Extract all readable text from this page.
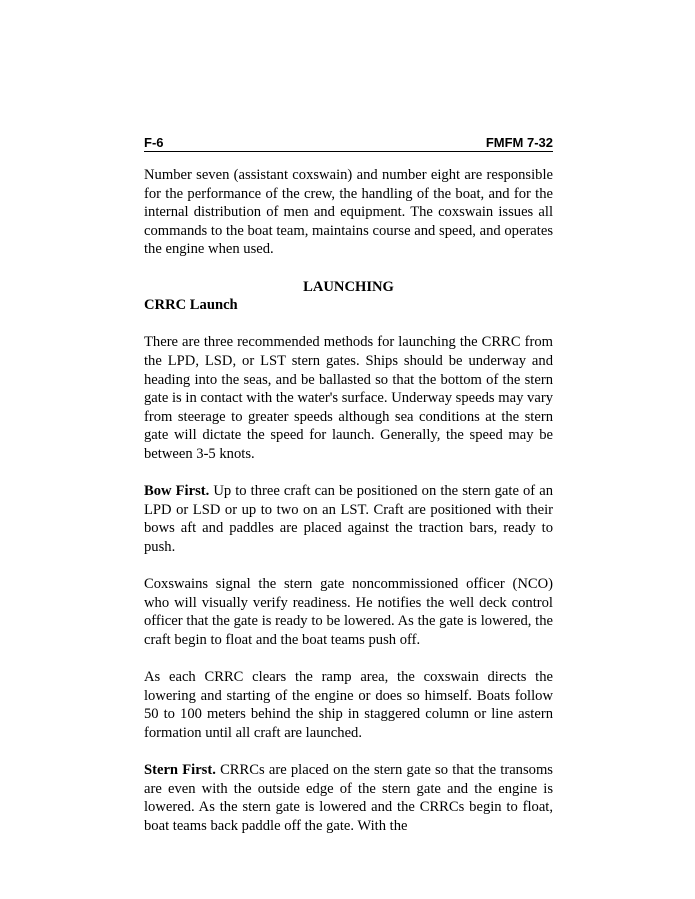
F-6	FMFM 7-32

Number seven (assistant coxswain) and number eight are responsible for the performance of the crew, the handling of the boat, and for the internal distribution of men and equipment. The coxswain issues all commands to the boat team, maintains course and speed, and operates the engine when used.

LAUNCHING
CRRC Launch

There are three recommended methods for launching the CRRC from the LPD, LSD, or LST stern gates. Ships should be underway and heading into the seas, and be ballasted so that the bottom of the stern gate is in contact with the water's surface. Underway speeds may vary from steerage to greater speeds although sea conditions at the stern gate will dictate the speed for launch. Generally, the speed may be between 3-5 knots.

Bow First. Up to three craft can be positioned on the stern gate of an LPD or LSD or up to two on an LST. Craft are positioned with their bows aft and paddles are placed against the traction bars, ready to push.

Coxswains signal the stern gate noncommissioned officer (NCO) who will visually verify readiness. He notifies the well deck control officer that the gate is ready to be lowered. As the gate is lowered, the craft begin to float and the boat teams push off.

As each CRRC clears the ramp area, the coxswain directs the lowering and starting of the engine or does so himself. Boats follow 50 to 100 meters behind the ship in staggered column or line astern formation until all craft are launched.

Stern First. CRRCs are placed on the stern gate so that the transoms are even with the outside edge of the stern gate and the engine is lowered. As the stern gate is lowered and the CRRCs begin to float, boat teams back paddle off the gate. With the
